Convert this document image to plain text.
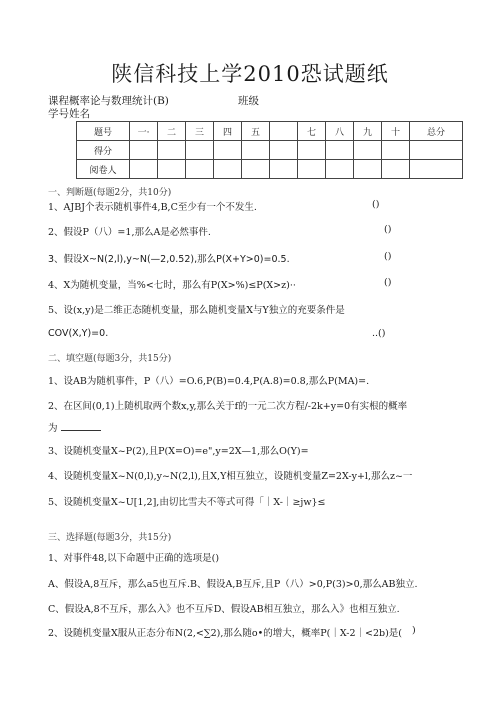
陕信科技上学2010恐试题纸
课程概率论与数理统计(B)	班级
学号姓名
题号	一·	二	三	四	五		七	八	九	十	总分
得分											
阅卷人											
一、判断题(每题2分，共10分)
1、AJBJ个表示随机事件4,B,C至少有一个不发生.	()
2、假设P（八）=1,那么A是必然事件.	()
3、假设X~N(2,l),y~N(—2,0.52),那么P(X+Y>0)=0.5.	()
4、X为随机变量，当%<七时，那么有P(X>%)≤P(X>z)··	()
5、设(x,y)是二维正态随机变量，那么随机变量X与Y独立的充要条件是
COV(X,Y)=0.	..()
二、填空题(每题3分，共15分)
1、设AB为随机事件，P（八）=O.6,P(B)=0.4,P(A.8)=0.8,那么P(MA)=.
2、在区间(0,1)上随机取两个数x,y,那么关于f的一元二次方程/-2k+y=0有实根的概率
为
3、设随机变量X~P(2),且P(X=O)=e",y=2X—1,那么O(Y)=
4、设随机变量X~N(0,l),y~N(2,l),且X,Y相互独立，设随机变量Z=2X-y+l,那么z~一
5、设随机变量X~U[1,2],由切比雪夫不等式可得「｜X-｜≥jw}≤
三、选择题(每题3分，共15分)
1、对事件48,以下命题中正确的选项是()
A、假设A,8互斥，那么a5也互斥.B、假设A,B互斥,且P（八）>0,P(3)>0,那么AB独立.
C、假设A,8不互斥，那么入》也不互斥D、假设AB相互独立，那么入》也相互独立.
2、设随机变量X服从正态分布N(2,<∑2),那么随o•的增大，概率P(｜X-2｜<2b)是( )
